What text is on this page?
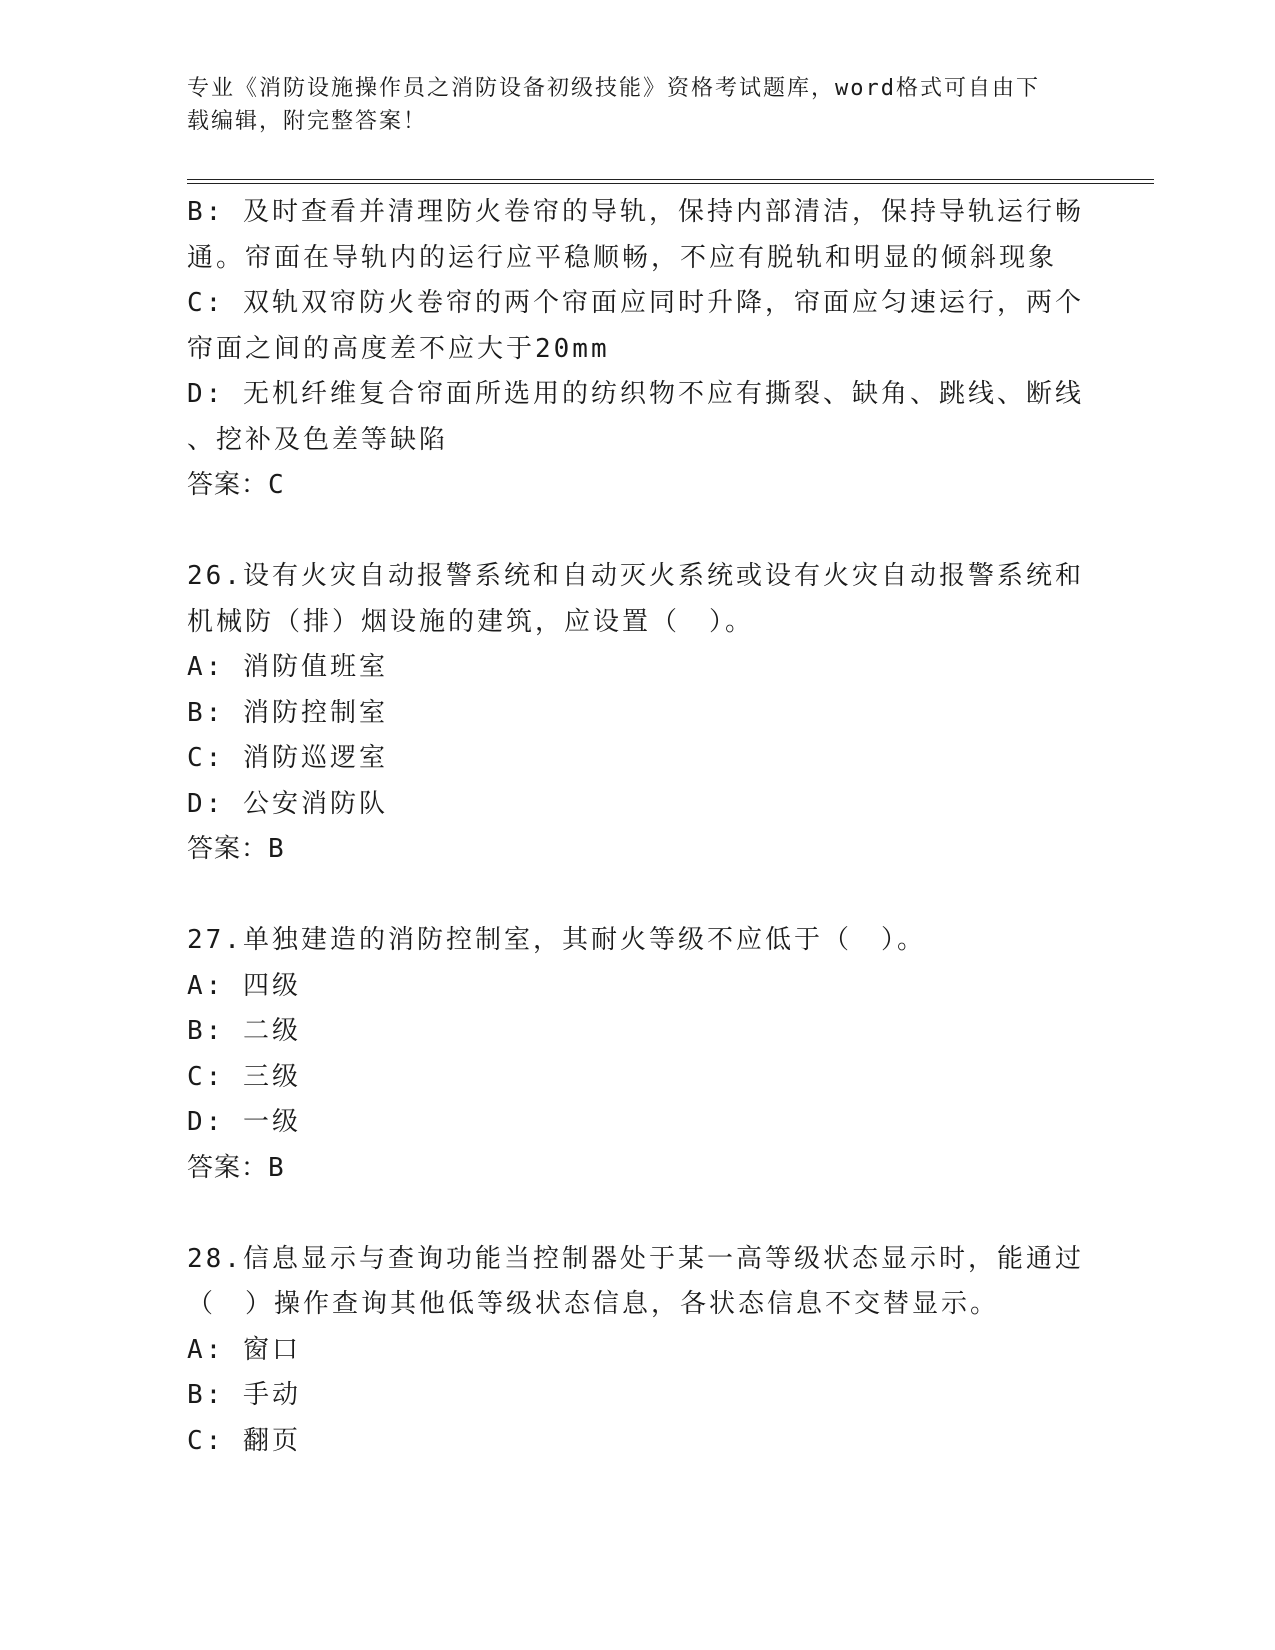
专业《消防设施操作员之消防设备初级技能》资格考试题库，word格式可自由下
载编辑，附完整答案！
B: 及时查看并清理防火卷帘的导轨，保持内部清洁，保持导轨运行畅
通。帘面在导轨内的运行应平稳顺畅，不应有脱轨和明显的倾斜现象
C: 双轨双帘防火卷帘的两个帘面应同时升降，帘面应匀速运行，两个
帘面之间的高度差不应大于20mm
D: 无机纤维复合帘面所选用的纺织物不应有撕裂、缺角、跳线、断线
、挖补及色差等缺陷
答案：C
26.设有火灾自动报警系统和自动灭火系统或设有火灾自动报警系统和
机械防（排）烟设施的建筑，应设置（　）。
A: 消防值班室
B: 消防控制室
C: 消防巡逻室
D: 公安消防队
答案：B
27.单独建造的消防控制室，其耐火等级不应低于（　）。
A: 四级
B: 二级
C: 三级
D: 一级
答案：B
28.信息显示与查询功能当控制器处于某一高等级状态显示时，能通过
（　）操作查询其他低等级状态信息，各状态信息不交替显示。
A: 窗口
B: 手动
C: 翻页
